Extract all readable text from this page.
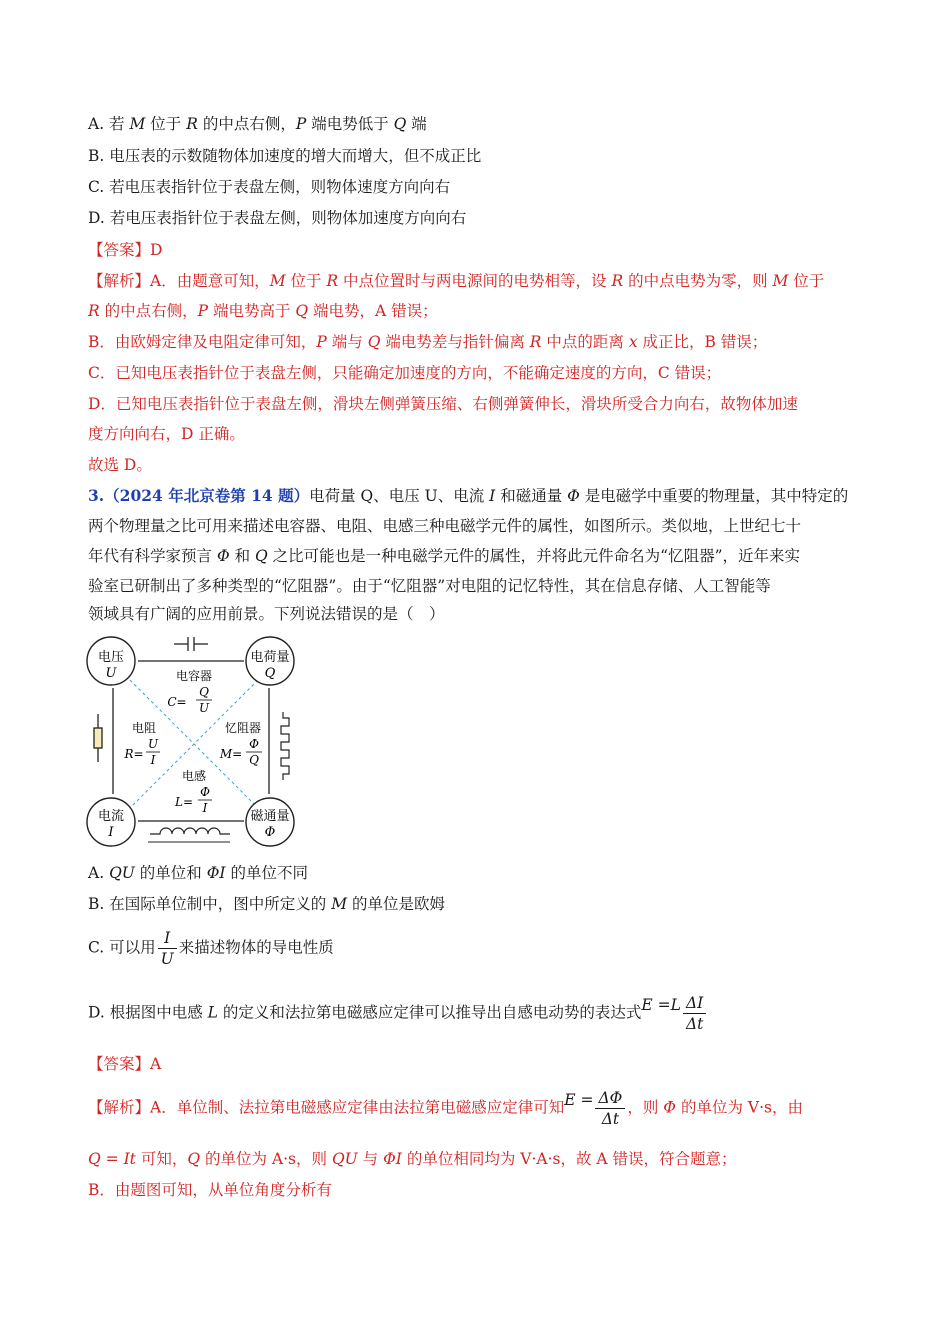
A. 若 M 位于 R 的中点右侧，P 端电势低于 Q 端
B. 电压表的示数随物体加速度的增大而增大，但不成正比
C. 若电压表指针位于表盘左侧，则物体速度方向向右
D. 若电压表指针位于表盘左侧，则物体加速度方向向右
【答案】D
【解析】A．由题意可知，M 位于 R 中点位置时与两电源间的电势相等，设 R 的中点电势为零，则 M 位于
R 的中点右侧，P 端电势高于 Q 端电势，A 错误；
B．由欧姆定律及电阻定律可知，P 端与 Q 端电势差与指针偏离 R 中点的距离 x 成正比，B 错误；
C．已知电压表指针位于表盘左侧，只能确定加速度的方向，不能确定速度的方向，C 错误；
D．已知电压表指针位于表盘左侧，滑块左侧弹簧压缩、右侧弹簧伸长，滑块所受合力向右，故物体加速
度方向向右，D 正确。
故选 D。
3.（2024 年北京卷第 14 题）电荷量 Q、电压 U、电流 I 和磁通量 Φ 是电磁学中重要的物理量，其中特定的
两个物理量之比可用来描述电容器、电阻、电感三种电磁学元件的属性，如图所示。类似地，上世纪七十
年代有科学家预言 Φ 和 Q 之比可能也是一种电磁学元件的属性，并将此元件命名为“忆阻器”，近年来实
验室已研制出了多种类型的“忆阻器”。由于“忆阻器”对电阻的记忆特性，其在信息存储、人工智能等
领域具有广阔的应用前景。下列说法错误的是（　）
电压
U
电荷量
Q
电流
I
磁通量
Φ
电容器
C=
Q
U
电阻
R=
U
I
忆阻器
M=
Φ
Q
电感
L=
Φ
I
A. QU 的单位和 ΦI 的单位不同
B. 在国际单位制中，图中所定义的 M 的单位是欧姆
C. 可以用 $\frac{I}{U}$ 来描述物体的导电性质
D. 根据图中电感 L 的定义和法拉第电磁感应定律可以推导出自感电动势的表达式$E =L \frac{\Delta I}{\Delta t}$
【答案】A
【解析】A．单位制、法拉第电磁感应定律由法拉第电磁感应定律可知$E = \frac{\Delta\Phi}{\Delta t}$ ，则 Φ 的单位为 V·s，由
Q = It 可知，Q 的单位为 A·s，则 QU 与 ΦI 的单位相同均为 V·A·s，故 A 错误，符合题意；
B．由题图可知，从单位角度分析有
